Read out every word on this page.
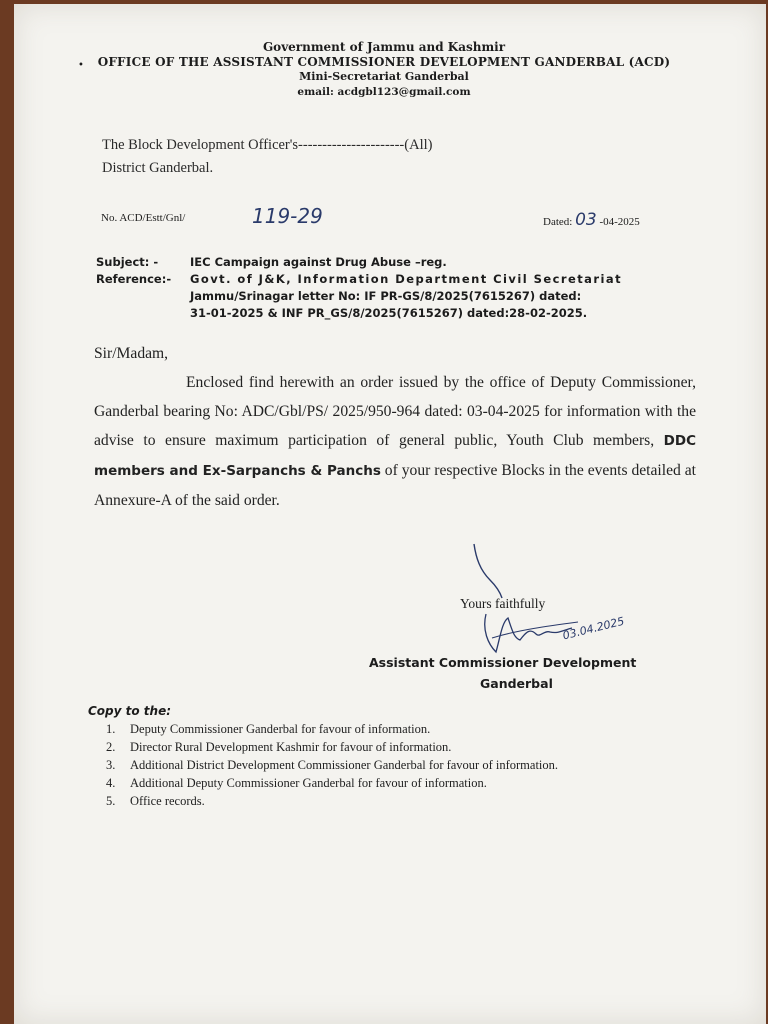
•
Government of Jammu and Kashmir
OFFICE OF THE ASSISTANT COMMISSIONER DEVELOPMENT GANDERBAL (ACD)
Mini-Secretariat Ganderbal
email: acdgbl123@gmail.com
The Block Development Officer's----------------------(All)
District Ganderbal.
No. ACD/Estt/Gnl/	119-29	Dated: 03 -04-2025
Subject: -	IEC Campaign against Drug Abuse –reg.
Reference:- Govt. of J&K, Information Department Civil Secretariat
Jammu/Srinagar letter No: IF PR-GS/8/2025(7615267) dated:
31-01-2025 & INF PR_GS/8/2025(7615267) dated:28-02-2025.
Sir/Madam,
Enclosed find herewith an order issued by the office of Deputy Commissioner, Ganderbal bearing No: ADC/Gbl/PS/ 2025/950-964 dated: 03-04-2025 for information with the advise to ensure maximum participation of general public, Youth Club members, DDC members and Ex-Sarpanchs & Panchs of your respective Blocks in the events detailed at Annexure-A of the said order.
Yours faithfully
03.04.2025
Assistant Commissioner Development
Ganderbal
Copy to the:
1.	Deputy Commissioner Ganderbal for favour of information.
2.	Director Rural Development Kashmir for favour of information.
3.	Additional District Development Commissioner Ganderbal for favour of information.
4.	Additional Deputy Commissioner Ganderbal for favour of information.
5.	Office records.
